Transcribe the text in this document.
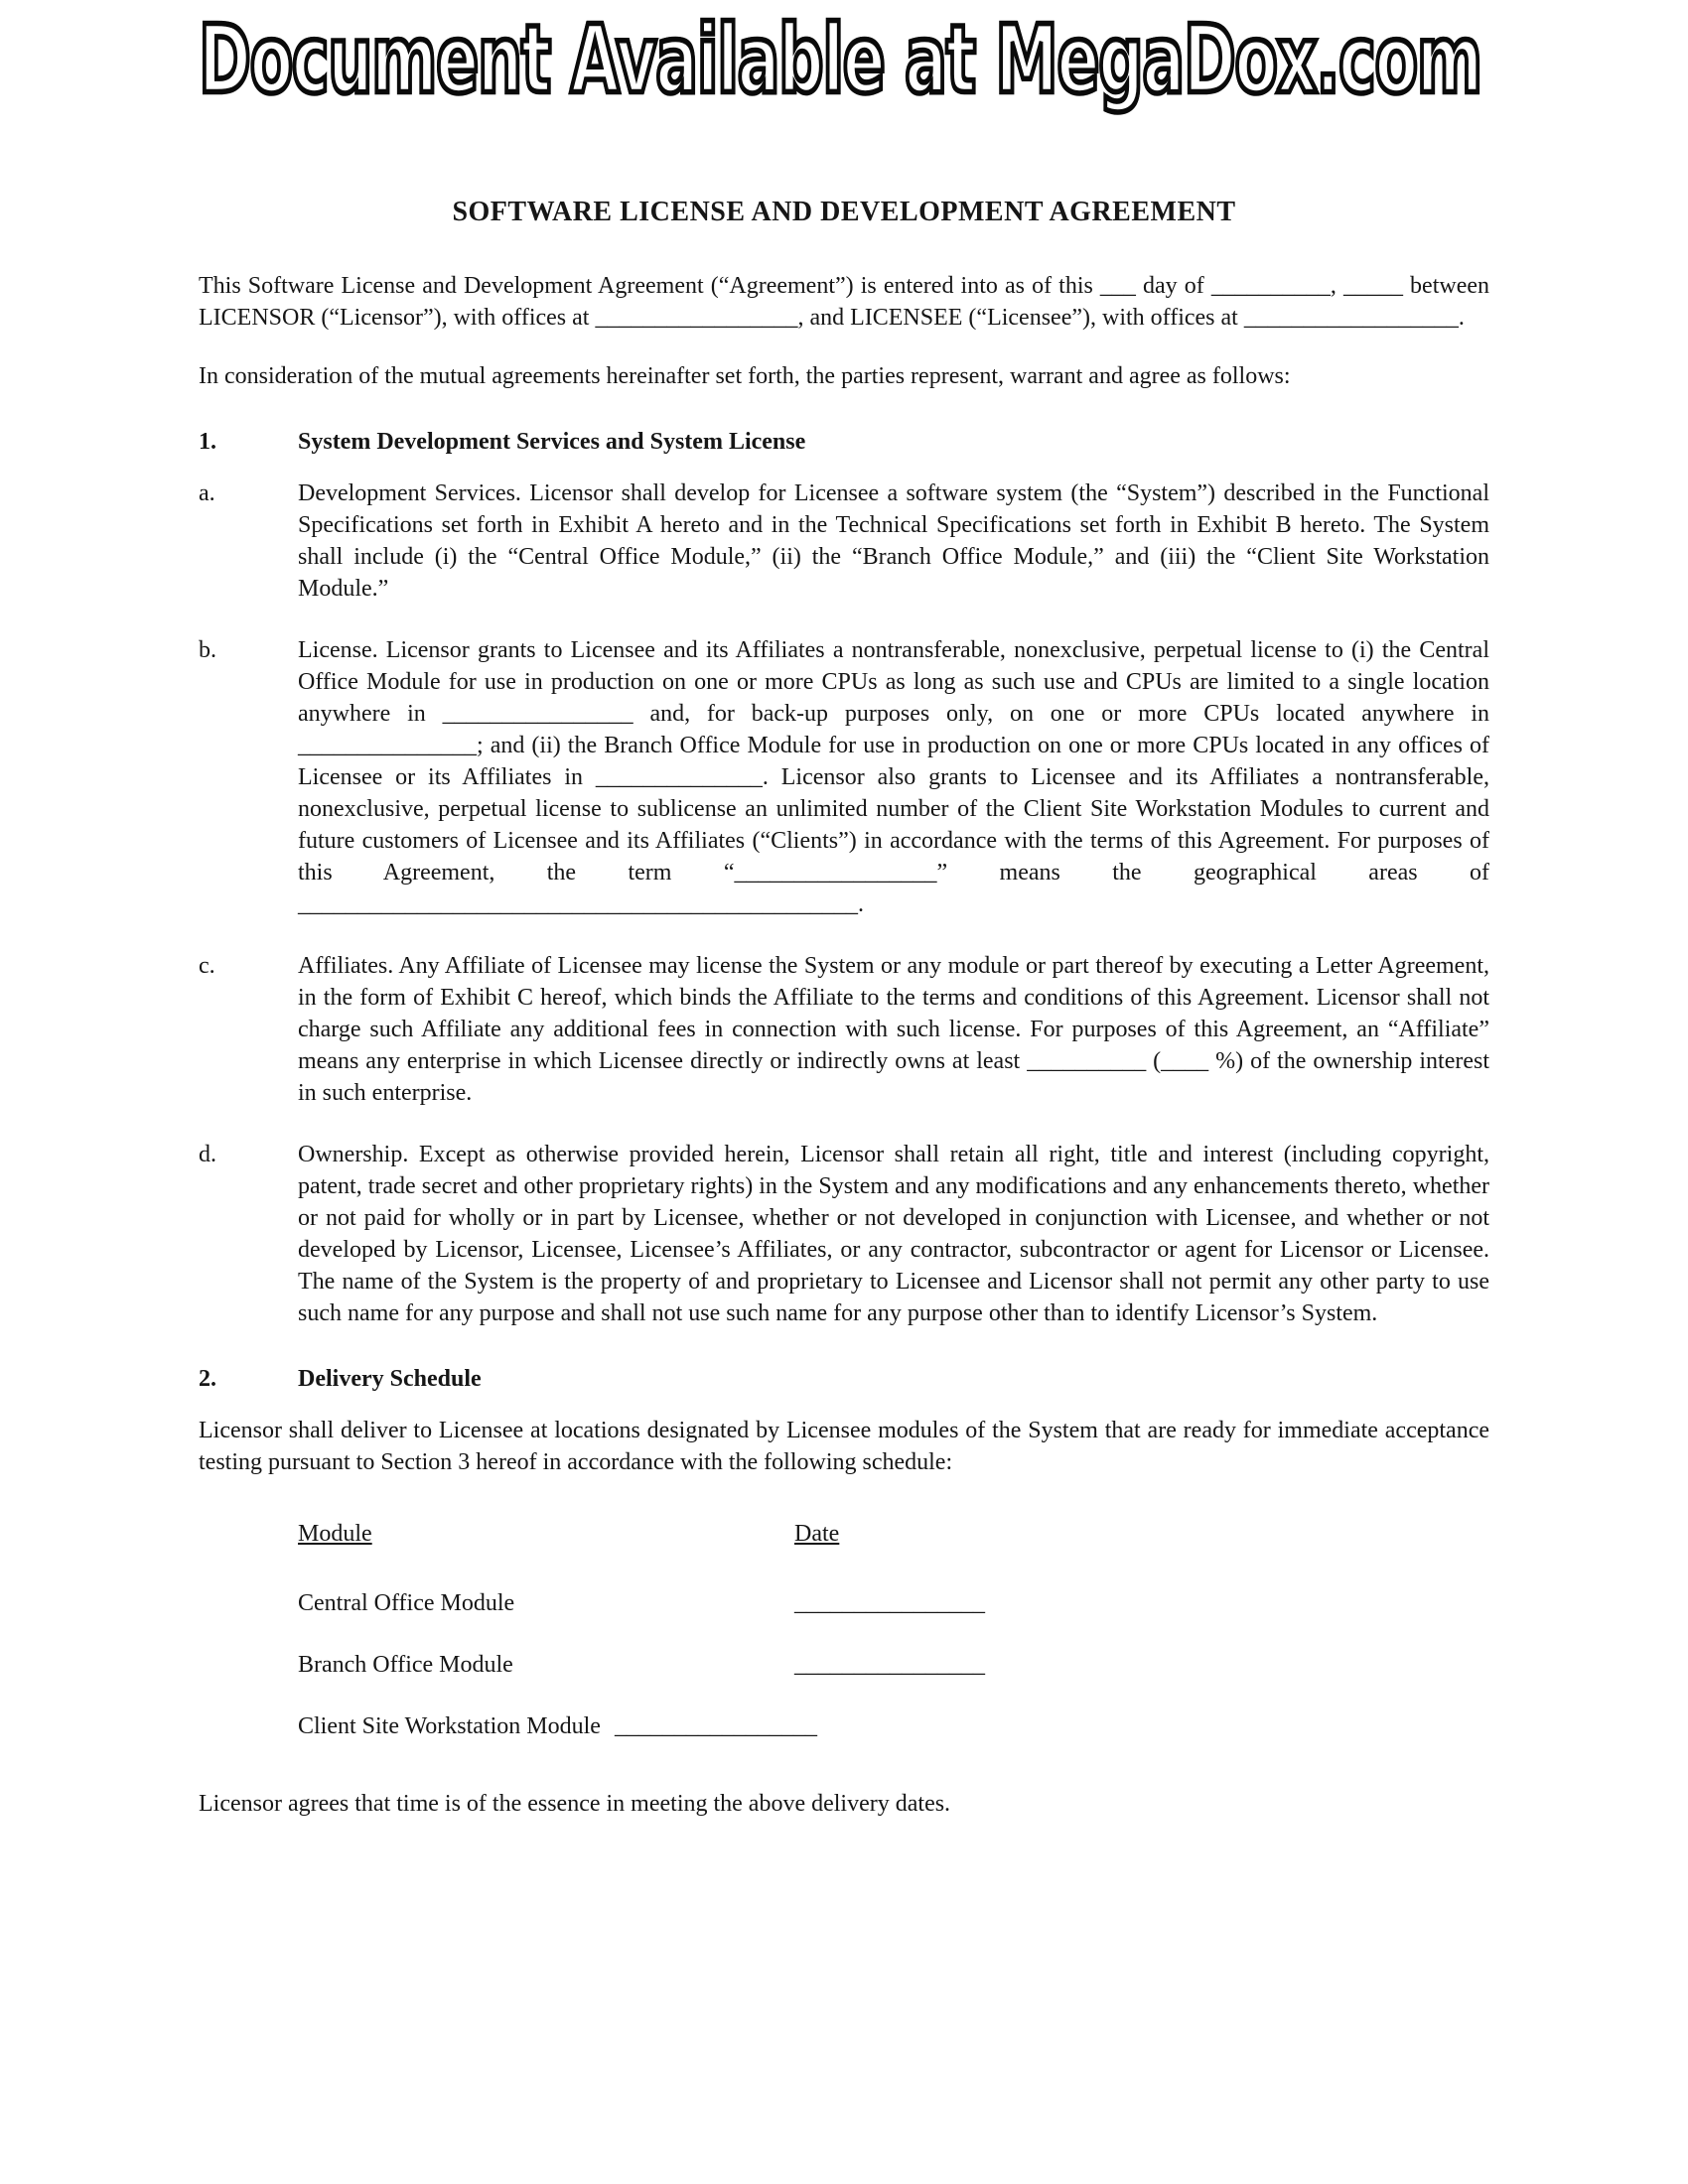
Document Available at MegaDox.com
SOFTWARE LICENSE AND DEVELOPMENT AGREEMENT

This Software License and Development Agreement (“Agreement”) is entered into as of this ___ day of __________, _____ between LICENSOR (“Licensor”), with offices at _________________, and LICENSEE (“Licensee”), with offices at __________________.

In consideration of the mutual agreements hereinafter set forth, the parties represent, warrant and agree as follows:

1.	System Development Services and System License
a.	Development Services. Licensor shall develop for Licensee a software system (the “System”) described in the Functional Specifications set forth in Exhibit A hereto and in the Technical Specifications set forth in Exhibit B hereto. The System shall include (i) the “Central Office Module,” (ii) the “Branch Office Module,” and (iii) the “Client Site Workstation Module.”
b.	License. Licensor grants to Licensee and its Affiliates a nontransferable, nonexclusive, perpetual license to (i) the Central Office Module for use in production on one or more CPUs as long as such use and CPUs are limited to a single location anywhere in ________________ and, for back-up purposes only, on one or more CPUs located anywhere in _______________; and (ii) the Branch Office Module for use in production on one or more CPUs located in any offices of Licensee or its Affiliates in ______________. Licensor also grants to Licensee and its Affiliates a nontransferable, nonexclusive, perpetual license to sublicense an unlimited number of the Client Site Workstation Modules to current and future customers of Licensee and its Affiliates (“Clients”) in accordance with the terms of this Agreement. For purposes of this Agreement, the term “_________________” means the geographical areas of _______________________________________________.
c.	Affiliates. Any Affiliate of Licensee may license the System or any module or part thereof by executing a Letter Agreement, in the form of Exhibit C hereof, which binds the Affiliate to the terms and conditions of this Agreement. Licensor shall not charge such Affiliate any additional fees in connection with such license. For purposes of this Agreement, an “Affiliate” means any enterprise in which Licensee directly or indirectly owns at least __________ (____ %) of the ownership interest in such enterprise.
d.	Ownership. Except as otherwise provided herein, Licensor shall retain all right, title and interest (including copyright, patent, trade secret and other proprietary rights) in the System and any modifications and any enhancements thereto, whether or not paid for wholly or in part by Licensee, whether or not developed in conjunction with Licensee, and whether or not developed by Licensor, Licensee, Licensee’s Affiliates, or any contractor, subcontractor or agent for Licensor or Licensee. The name of the System is the property of and proprietary to Licensee and Licensor shall not permit any other party to use such name for any purpose and shall not use such name for any purpose other than to identify Licensor’s System.
2.	Delivery Schedule

Licensor shall deliver to Licensee at locations designated by Licensee modules of the System that are ready for immediate acceptance testing pursuant to Section 3 hereof in accordance with the following schedule:

Module	Date
Central Office Module	________________
Branch Office Module	________________
Client Site Workstation Module _________________

Licensor agrees that time is of the essence in meeting the above delivery dates.
